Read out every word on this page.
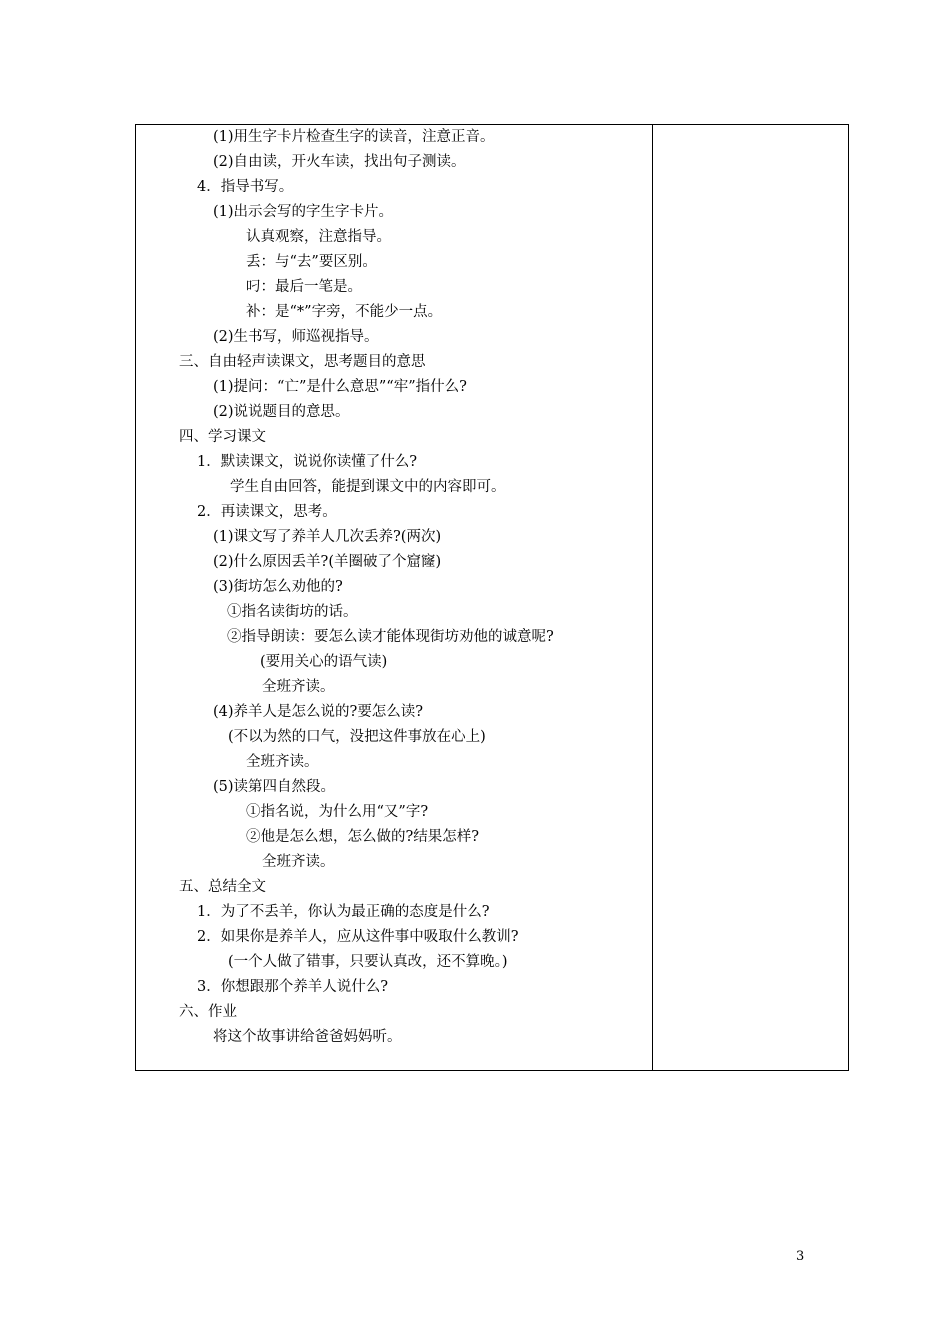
(1)用生字卡片检查生字的读音，注意正音。
(2)自由读，开火车读，找出句子测读。
4．指导书写。
(1)出示会写的字生字卡片。
认真观察，注意指导。
丢：与“去”要区别。
叼：最后一笔是。
补：是“*”字旁，不能少一点。
(2)生书写，师巡视指导。
三、自由轻声读课文，思考题目的意思
(1)提问：“亡”是什么意思”“牢”指什么?
(2)说说题目的意思。
四、学习课文
1．默读课文，说说你读懂了什么?
学生自由回答，能提到课文中的内容即可。
2．再读课文，思考。
(1)课文写了养羊人几次丢养?(两次)
(2)什么原因丢羊?(羊圈破了个窟窿)
(3)街坊怎么劝他的?
①指名读街坊的话。
②指导朗读：要怎么读才能体现街坊劝他的诚意呢?
(要用关心的语气读)
全班齐读。
(4)养羊人是怎么说的?要怎么读?
(不以为然的口气，没把这件事放在心上)
全班齐读。
(5)读第四自然段。
①指名说，为什么用“又”字?
②他是怎么想，怎么做的?结果怎样?
全班齐读。
五、总结全文
1．为了不丢羊，你认为最正确的态度是什么?
2．如果你是养羊人，应从这件事中吸取什么教训?
(一个人做了错事，只要认真改，还不算晚。)
3．你想跟那个养羊人说什么?
六、作业
将这个故事讲给爸爸妈妈听。
3
